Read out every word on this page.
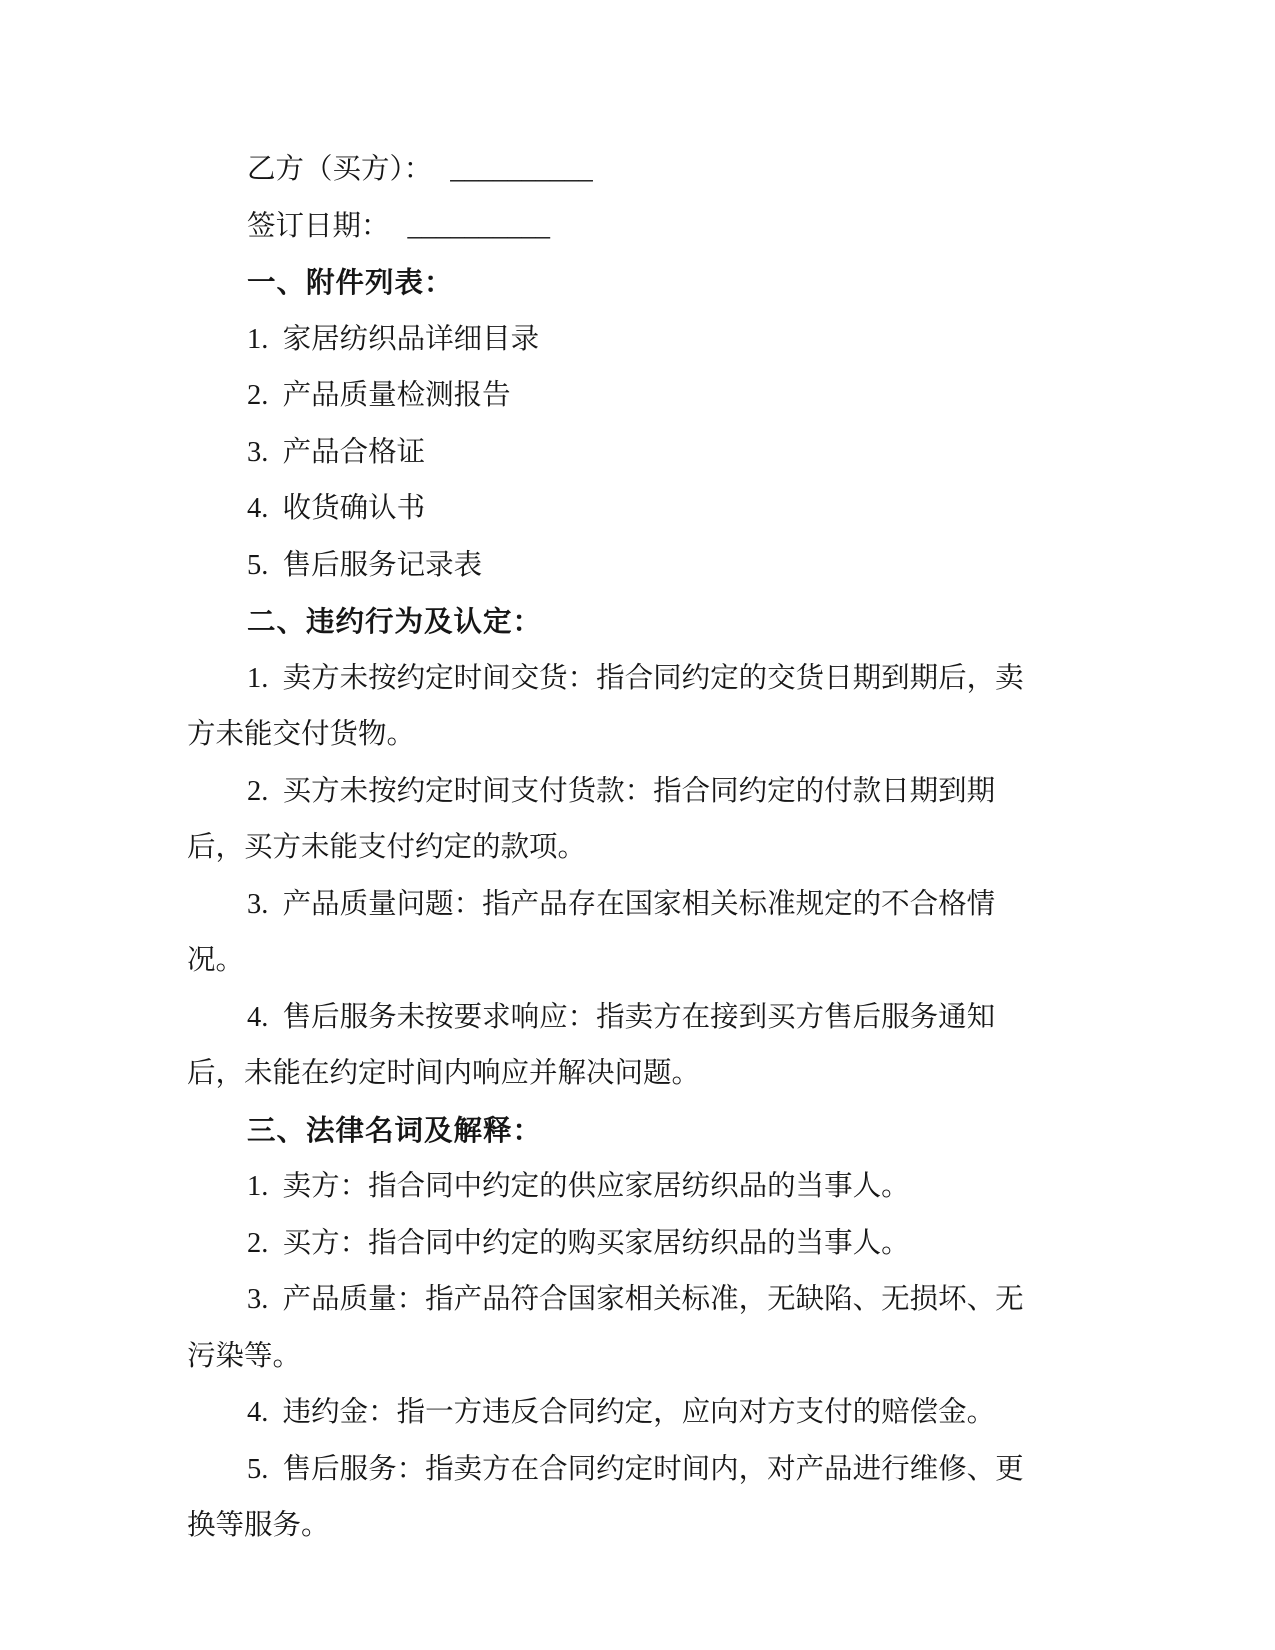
乙方（买方）： __________

签订日期： __________

一、附件列表：

1.  家居纺织品详细目录

2.  产品质量检测报告

3.  产品合格证

4.  收货确认书

5.  售后服务记录表

二、违约行为及认定：

1.  卖方未按约定时间交货：指合同约定的交货日期到期后，卖方未能交付货物。

2.  买方未按约定时间支付货款：指合同约定的付款日期到期后，买方未能支付约定的款项。

3.  产品质量问题：指产品存在国家相关标准规定的不合格情况。

4.  售后服务未按要求响应：指卖方在接到买方售后服务通知后，未能在约定时间内响应并解决问题。

三、法律名词及解释：

1.  卖方：指合同中约定的供应家居纺织品的当事人。

2.  买方：指合同中约定的购买家居纺织品的当事人。

3.  产品质量：指产品符合国家相关标准，无缺陷、无损坏、无污染等。

4.  违约金：指一方违反合同约定，应向对方支付的赔偿金。

5.  售后服务：指卖方在合同约定时间内，对产品进行维修、更换等服务。
